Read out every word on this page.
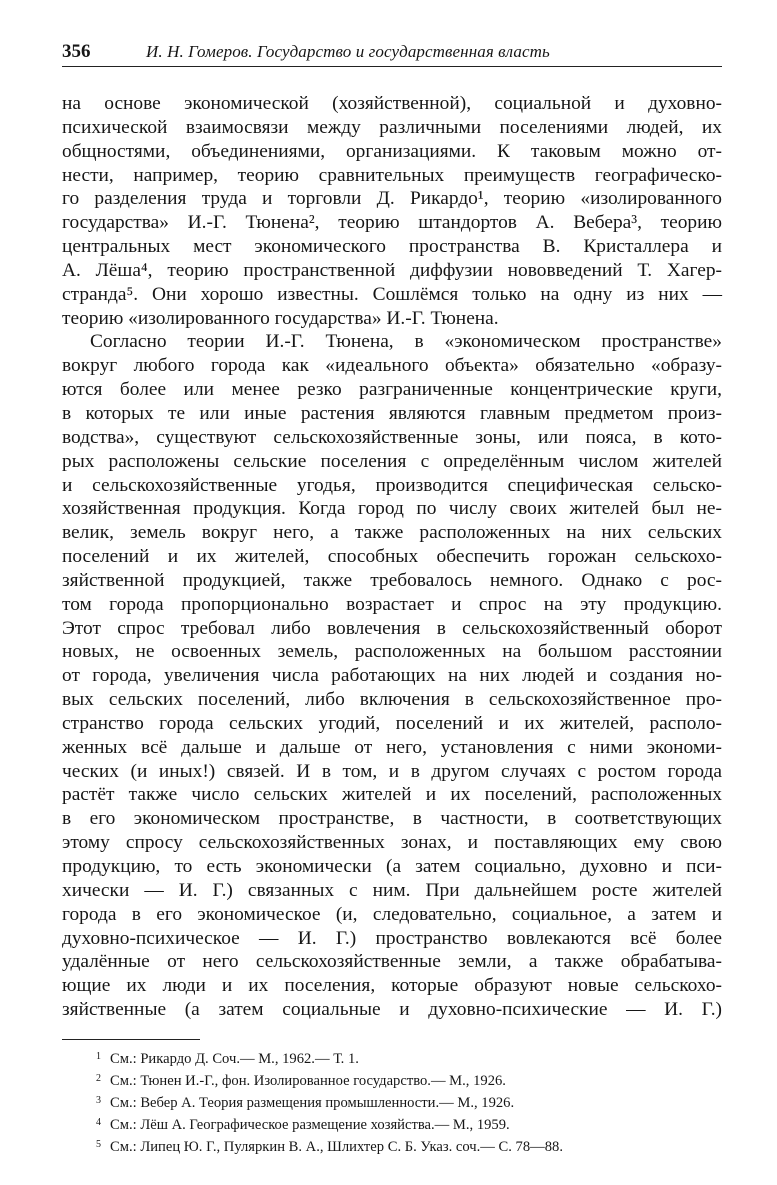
356	И. Н. Гомеров. Государство и государственная власть
на основе экономической (хозяйственной), социальной и духовно-
психической взаимосвязи между различными поселениями людей, их
общностями, объединениями, организациями. К таковым можно от-
нести, например, теорию сравнительных преимуществ географическо-
го разделения труда и торговли Д. Рикардо¹, теорию «изолированного
государства» И.-Г. Тюнена², теорию штандортов А. Вебера³, теорию
центральных мест экономического пространства В. Кристаллера и
А. Лёша⁴, теорию пространственной диффузии нововведений Т. Хагер-
странда⁵. Они хорошо известны. Сошлёмся только на одну из них —
теорию «изолированного государства» И.-Г. Тюнена.
Согласно теории И.-Г. Тюнена, в «экономическом пространстве»
вокруг любого города как «идеального объекта» обязательно «образу-
ются более или менее резко разграниченные концентрические круги,
в которых те или иные растения являются главным предметом произ-
водства», существуют сельскохозяйственные зоны, или пояса, в кото-
рых расположены сельские поселения с определённым числом жителей
и сельскохозяйственные угодья, производится специфическая сельско-
хозяйственная продукция. Когда город по числу своих жителей был не-
велик, земель вокруг него, а также расположенных на них сельских
поселений и их жителей, способных обеспечить горожан сельскохо-
зяйственной продукцией, также требовалось немного. Однако с рос-
том города пропорционально возрастает и спрос на эту продукцию.
Этот спрос требовал либо вовлечения в сельскохозяйственный оборот
новых, не освоенных земель, расположенных на большом расстоянии
от города, увеличения числа работающих на них людей и создания но-
вых сельских поселений, либо включения в сельскохозяйственное про-
странство города сельских угодий, поселений и их жителей, располо-
женных всё дальше и дальше от него, установления с ними экономи-
ческих (и иных!) связей. И в том, и в другом случаях с ростом города
растёт также число сельских жителей и их поселений, расположенных
в его экономическом пространстве, в частности, в соответствующих
этому спросу сельскохозяйственных зонах, и поставляющих ему свою
продукцию, то есть экономически (а затем социально, духовно и пси-
хически — И. Г.) связанных с ним. При дальнейшем росте жителей
города в его экономическое (и, следовательно, социальное, а затем и
духовно-психическое — И. Г.) пространство вовлекаются всё более
удалённые от него сельскохозяйственные земли, а также обрабатыва-
ющие их люди и их поселения, которые образуют новые сельскохо-
зяйственные (а затем социальные и духовно-психические — И. Г.)
1 См.: Рикардо Д. Соч.— М., 1962.— Т. 1.
2 См.: Тюнен И.-Г., фон. Изолированное государство.— М., 1926.
3 См.: Вебер А. Теория размещения промышленности.— М., 1926.
4 См.: Лёш А. Географическое размещение хозяйства.— М., 1959.
5 См.: Липец Ю. Г., Пуляркин В. А., Шлихтер С. Б. Указ. соч.— С. 78—88.
